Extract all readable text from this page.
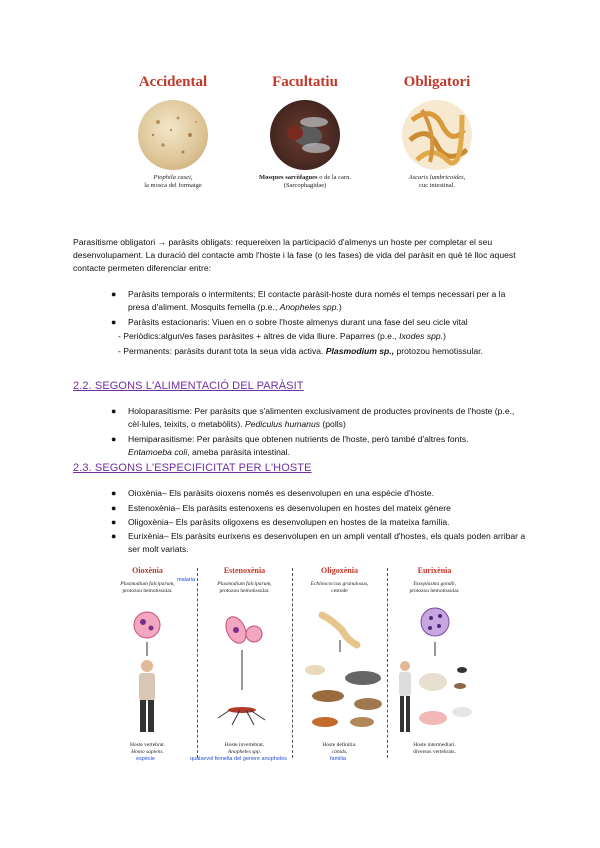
Accidental
Piophila casei,
la mosca del formatge
Facultatiu
Mosques sarcòfagues o de la carn.
(Sarcophagidae)
Obligatori
Ascaris lumbricoides,
cuc intestinal.
Parasitisme obligatori → paràsits obligats: requereixen la participació d'almenys un hoste per completar el seu desenvolupament. La duració del contacte amb l'hoste i la fase (o les fases) de vida del paràsit en què té lloc aquest contacte permeten diferenciar entre:
● Paràsits temporals o intermitents: El contacte paràsit-hoste dura només el temps necessari per a la presa d'aliment. Mosquits femella (p.e., Anopheles spp.)
● Paràsits estacionaris: Viuen en o sobre l'hoste almenys durant una fase del seu cicle vital
- Periòdics:algun/es fases paràsites + altres de vida lliure. Paparres (p.e., Ixodes spp.)
- Permanents: paràsits durant tota la seua vida activa. Plasmodium sp., protozou hemotissular.
2.2. SEGONS L'ALIMENTACIÓ DEL PARÀSIT
● Holoparasitisme: Per paràsits que s'alimenten exclusivament de productes provinents de l'hoste (p.e., cèl·lules, teixits, o metabòlits). Pediculus humanus (polls)
● Hemiparasitisme: Per paràsits que obtenen nutrients de l'hoste, però també d'altres fonts.
Entamoeba coli, ameba paràsita intestinal.
2.3. SEGONS L'ESPECIFICITAT PER L'HOSTE
● Oioxènia– Els paràsits oioxens només es desenvolupen en una espècie d'hoste.
● Estenoxènia– Els paràsits estenoxens es desenvolupen en hostes del mateix gènere
● Oligoxènia– Els paràsits oligoxens es desenvolupen en hostes de la mateixa família.
● Eurixènia– Els paràsits eurixens es desenvolupen en un ampli ventall d'hostes, els quals poden arribar a ser molt variats.
Oioxènia	Estenoxènia	Oligoxènia	Eurixènia
malaria
Plasmodium falciparum,
protozou hemotissular.
Plasmodium falciparum,
protozou hemotissular.
Echinococcus granulosus,
cestode
Toxoplasma gondii,
protozou hemotissular.
Hoste vertebrat.
Homo sapiens.
Hoste invertebrat.
Anopheles spp.
Hoste definitiu.
cànids.
Hoste intermediari.
diversos vertebrats.
espècie	qualsevol femella del genere anopheles	familia
